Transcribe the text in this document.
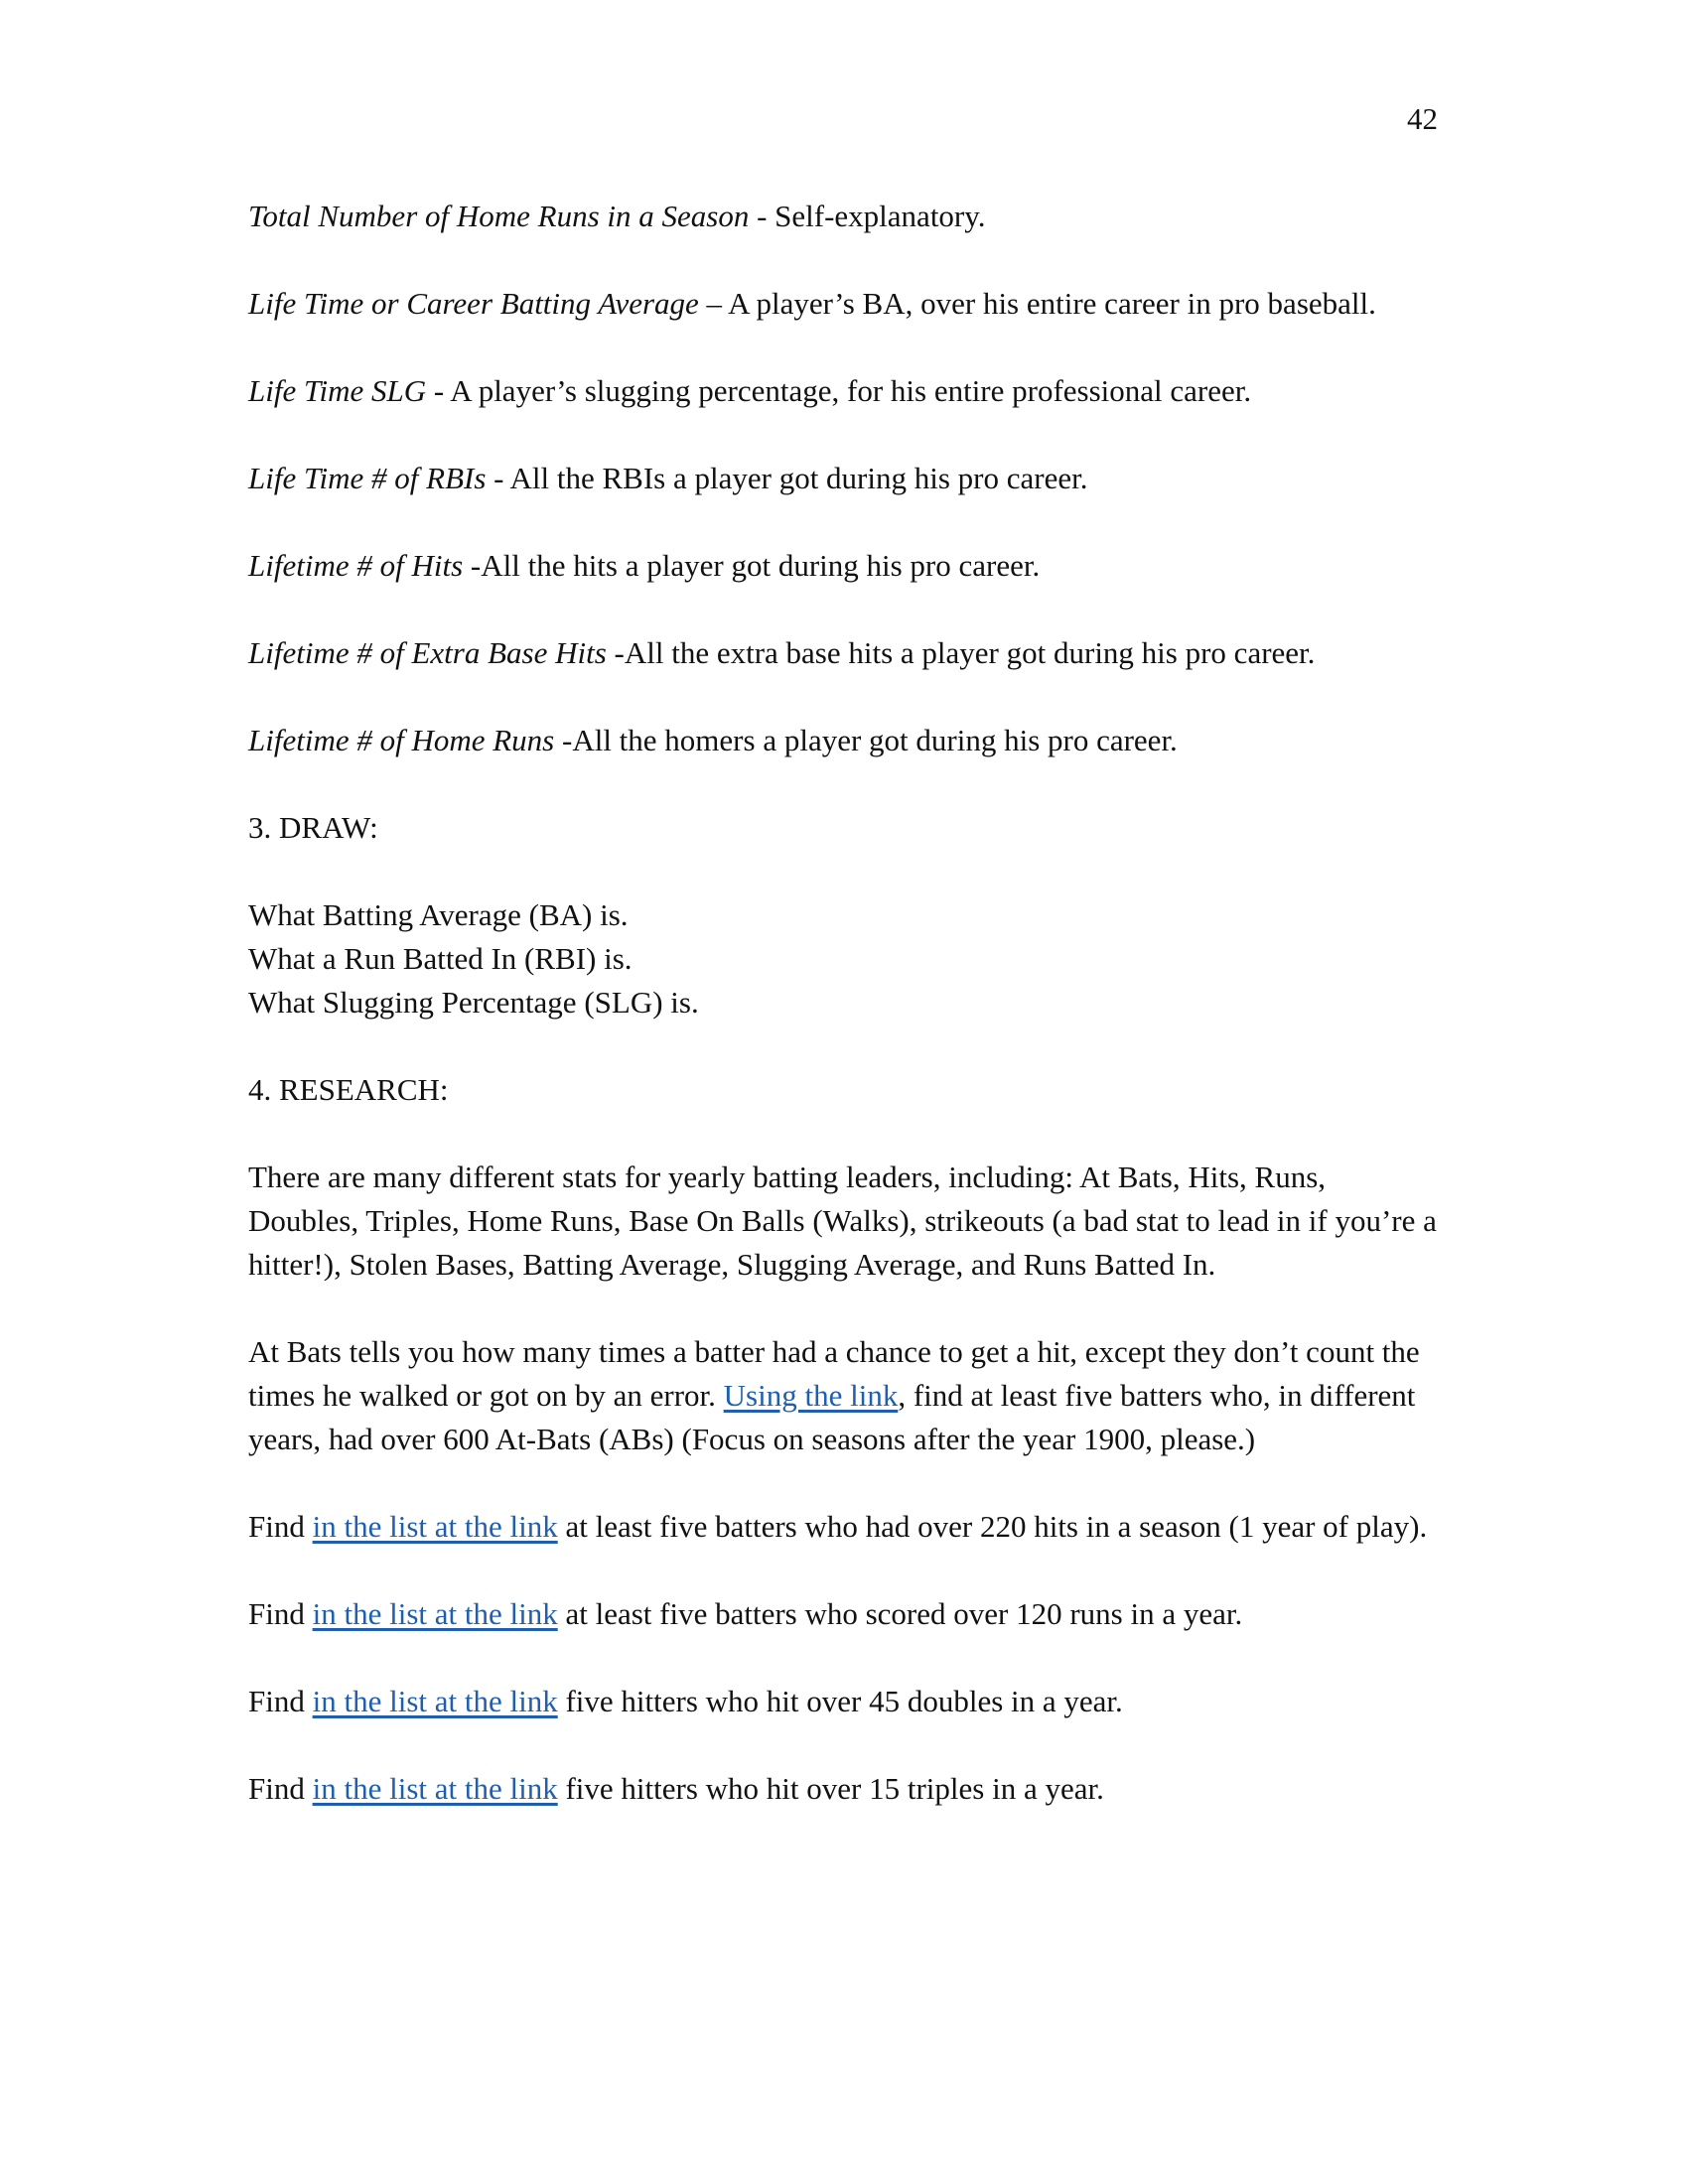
42

Total Number of Home Runs in a Season - Self-explanatory.

Life Time or Career Batting Average – A player’s BA, over his entire career in pro baseball.

Life Time SLG - A player’s slugging percentage, for his entire professional career.

Life Time # of RBIs - All the RBIs a player got during his pro career.

Lifetime # of Hits -All the hits a player got during his pro career.

Lifetime # of Extra Base Hits -All the extra base hits a player got during his pro career.

Lifetime # of Home Runs -All the homers a player got during his pro career.

3. DRAW:

What Batting Average (BA) is.

What a Run Batted In (RBI) is.

What Slugging Percentage (SLG) is.

4. RESEARCH:

There are many different stats for yearly batting leaders, including: At Bats, Hits, Runs, Doubles, Triples, Home Runs, Base On Balls (Walks), strikeouts (a bad stat to lead in if you’re a hitter!), Stolen Bases, Batting Average, Slugging Average, and Runs Batted In.

At Bats tells you how many times a batter had a chance to get a hit, except they don’t count the times he walked or got on by an error. Using the link, find at least five batters who, in different years, had over 600 At-Bats (ABs) (Focus on seasons after the year 1900, please.)

Find in the list at the link at least five batters who had over 220 hits in a season (1 year of play).

Find in the list at the link at least five batters who scored over 120 runs in a year.

Find in the list at the link five hitters who hit over 45 doubles in a year.

Find in the list at the link five hitters who hit over 15 triples in a year.
